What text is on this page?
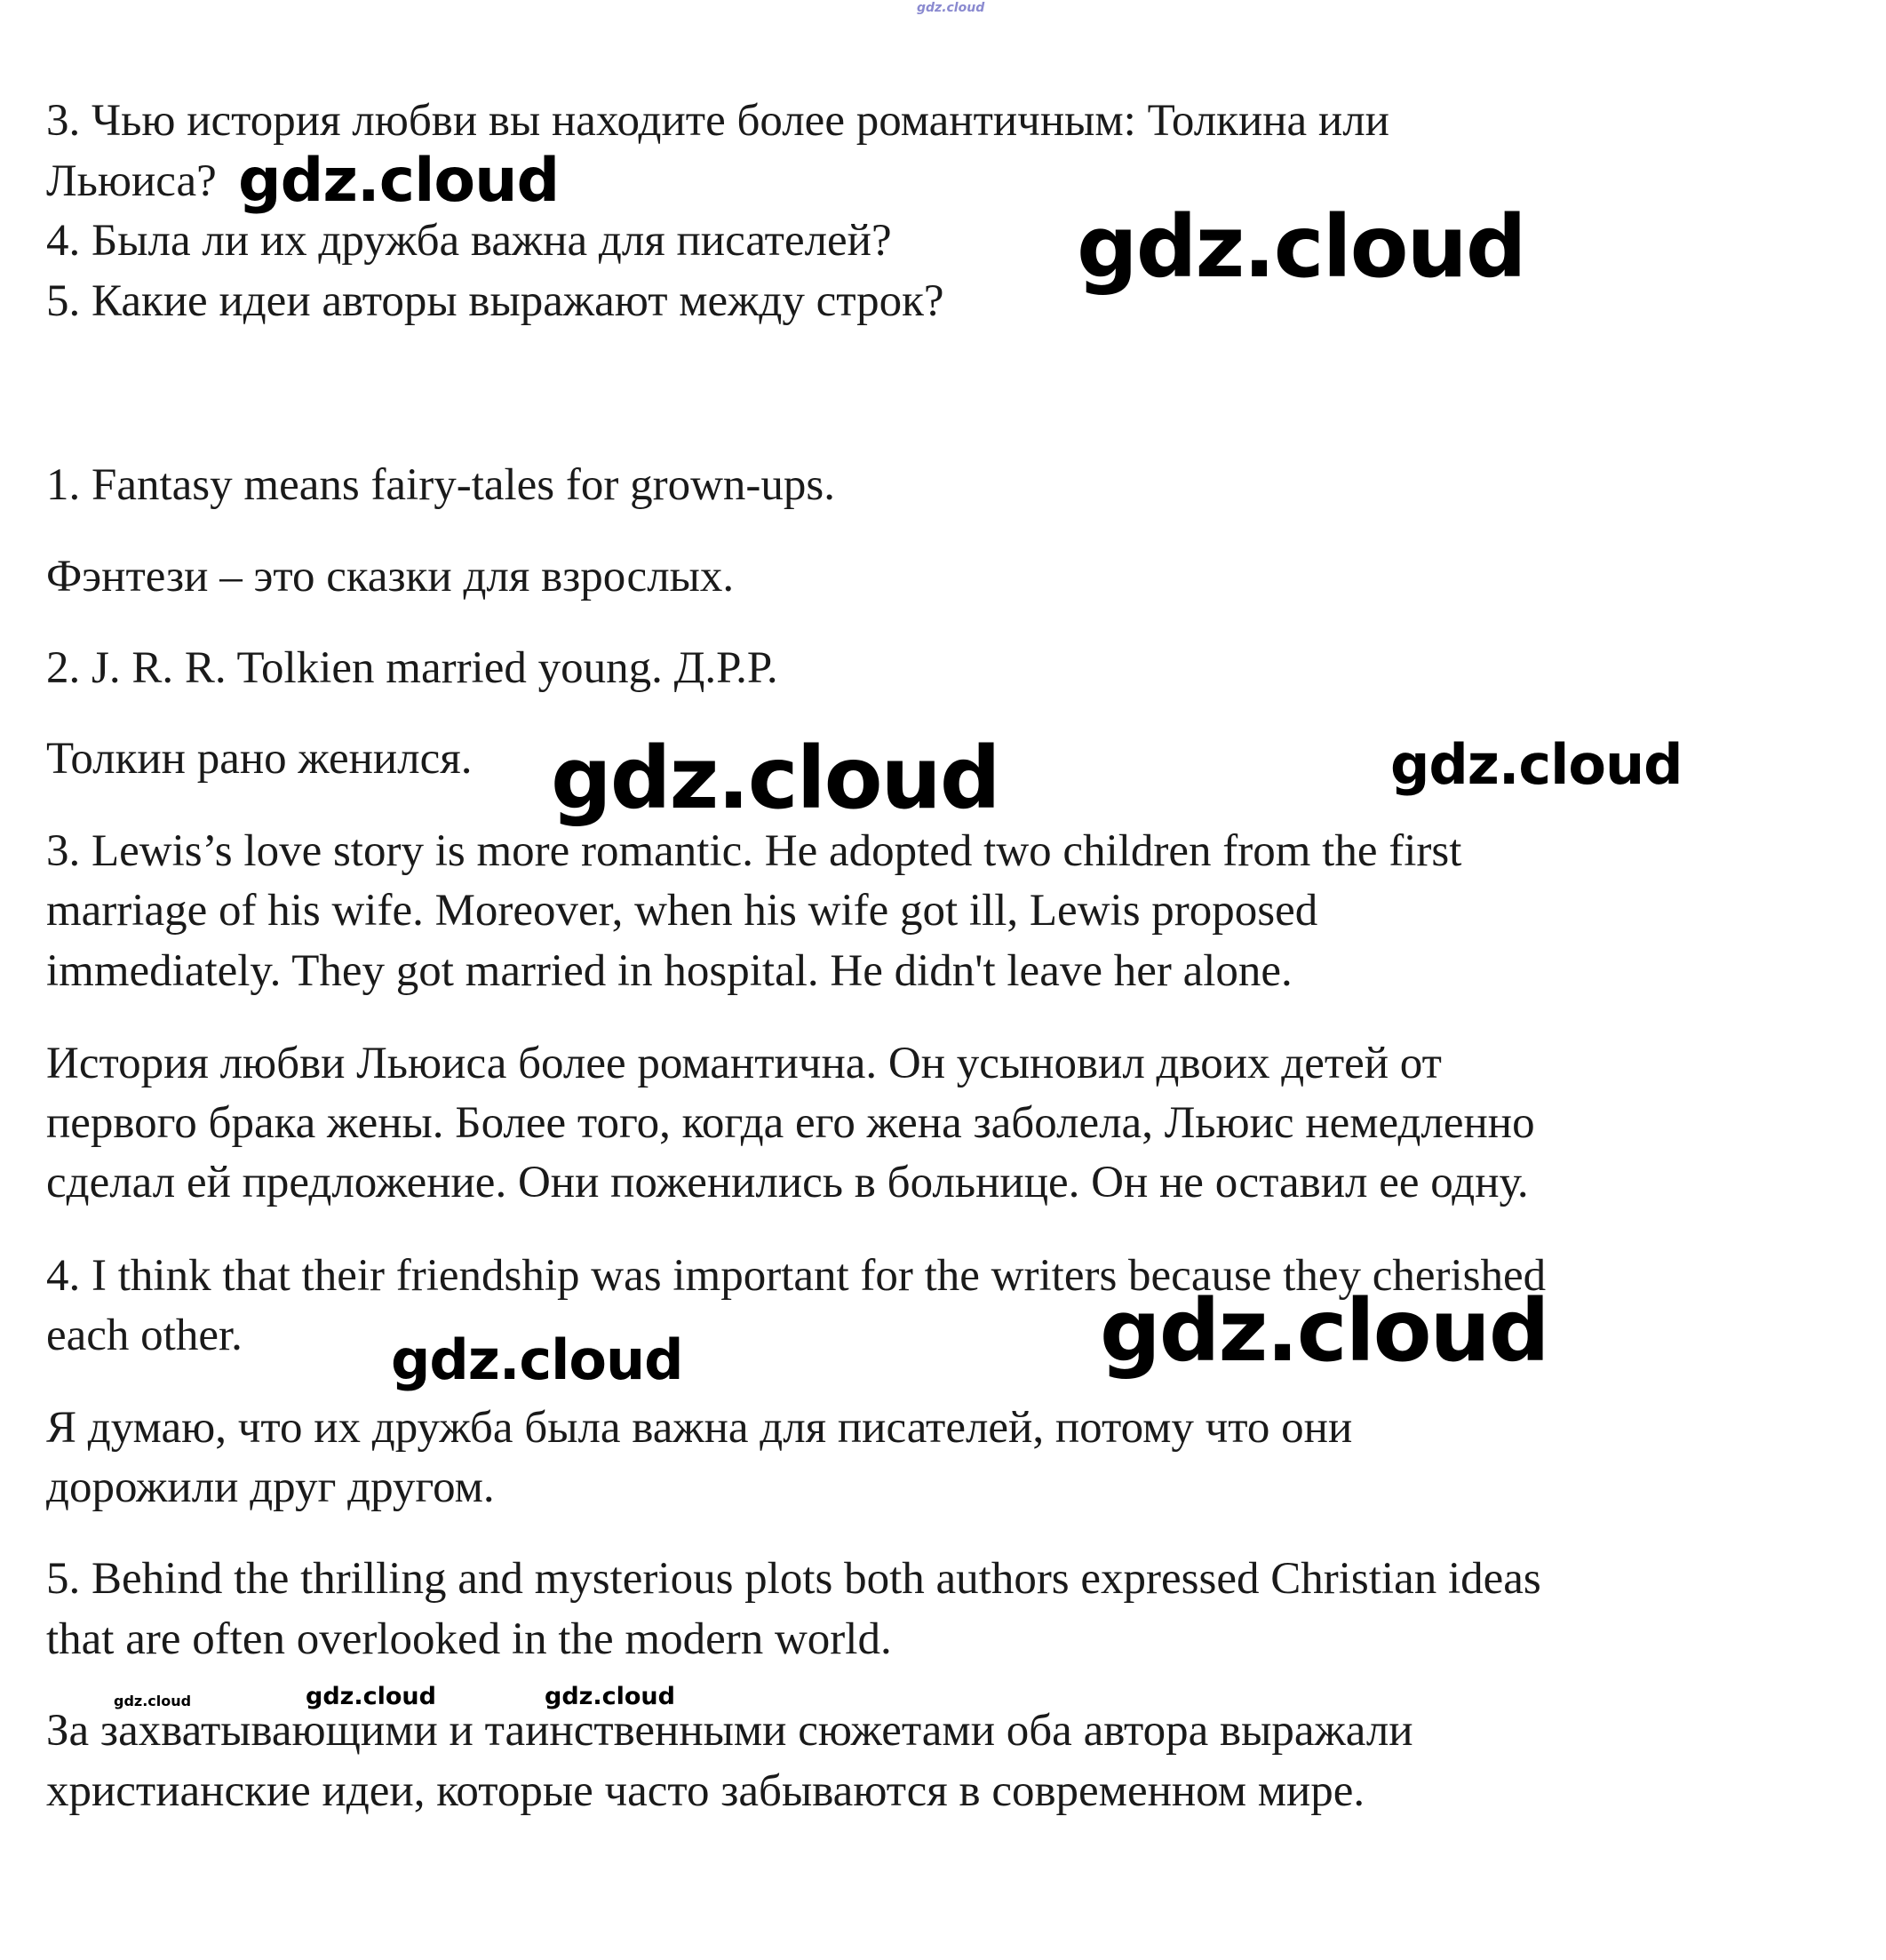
gdz.cloud
3. Чью история любви вы находите более романтичным: Толкина или
Льюиса?
4. Была ли их дружба важна для писателей?
5. Какие идеи авторы выражают между строк?
1. Fantasy means fairy-tales for grown-ups.
Фэнтези – это сказки для взрослых.
2. J. R. R. Tolkien married young. Д.Р.Р.
Толкин рано женился.
3. Lewis’s love story is more romantic. He adopted two children from the first
marriage of his wife. Moreover, when his wife got ill, Lewis proposed
immediately. They got married in hospital. He didn't leave her alone.
История любви Льюиса более романтична. Он усыновил двоих детей от
первого брака жены. Более того, когда его жена заболела, Льюис немедленно
сделал ей предложение. Они поженились в больнице. Он не оставил ее одну.
4. I think that their friendship was important for the writers because they cherished
each other.
Я думаю, что их дружба была важна для писателей, потому что они
дорожили друг другом.
5. Behind the thrilling and mysterious plots both authors expressed Christian ideas
that are often overlooked in the modern world.
За захватывающими и таинственными сюжетами оба автора выражали
христианские идеи, которые часто забываются в современном мире.
gdz.cloud
gdz.cloud
gdz.cloud	gdz.cloud
gdz.cloud
gdz.cloud
gdz.cloud	gdz.cloud	gdz.cloud
